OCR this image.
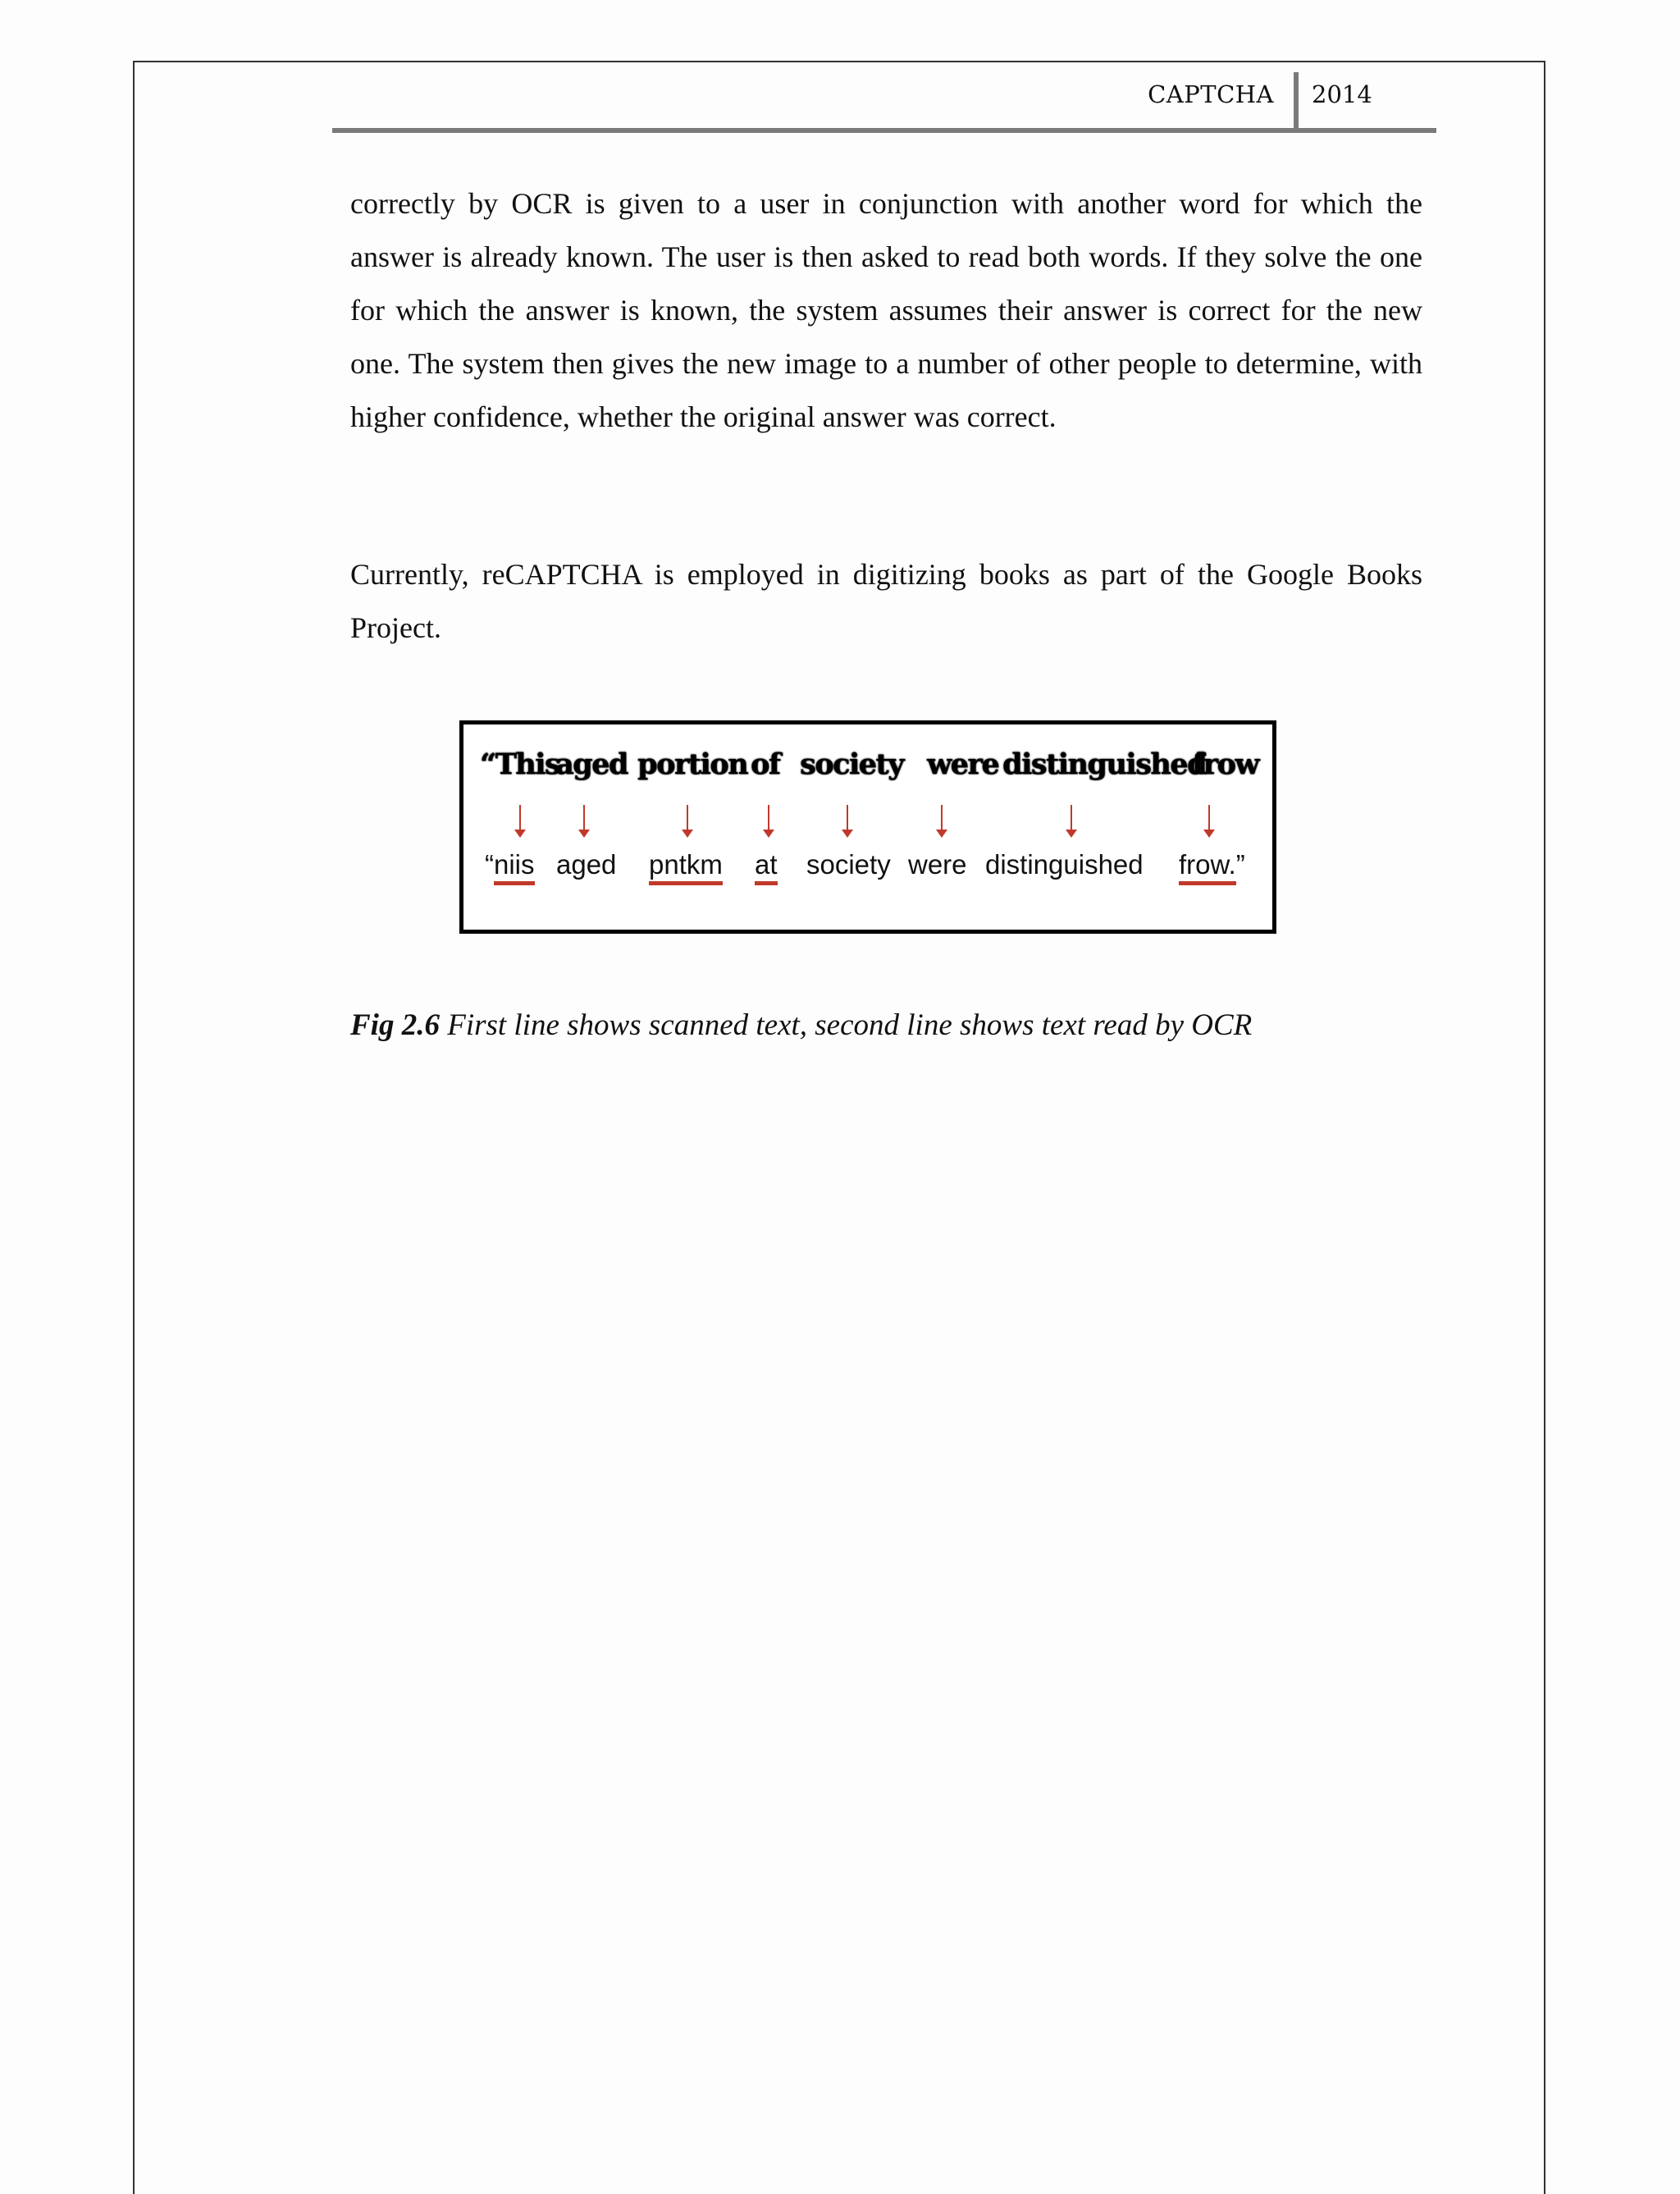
CAPTCHA 2014

correctly by OCR is given to a user in conjunction with another word for which the answer is already known. The user is then asked to read both words. If they solve the one for which the answer is known, the system assumes their answer is correct for the new one. The system then gives the new image to a number of other people to determine, with higher confidence, whether the original answer was correct.

Currently, reCAPTCHA is employed in digitizing books as part of the Google Books Project.

“This
aged portion of society were distinguished
frow
“niis aged pntkm at society were distinguished frow.”
Fig 2.6 First line shows scanned text, second line shows text read by OCR
